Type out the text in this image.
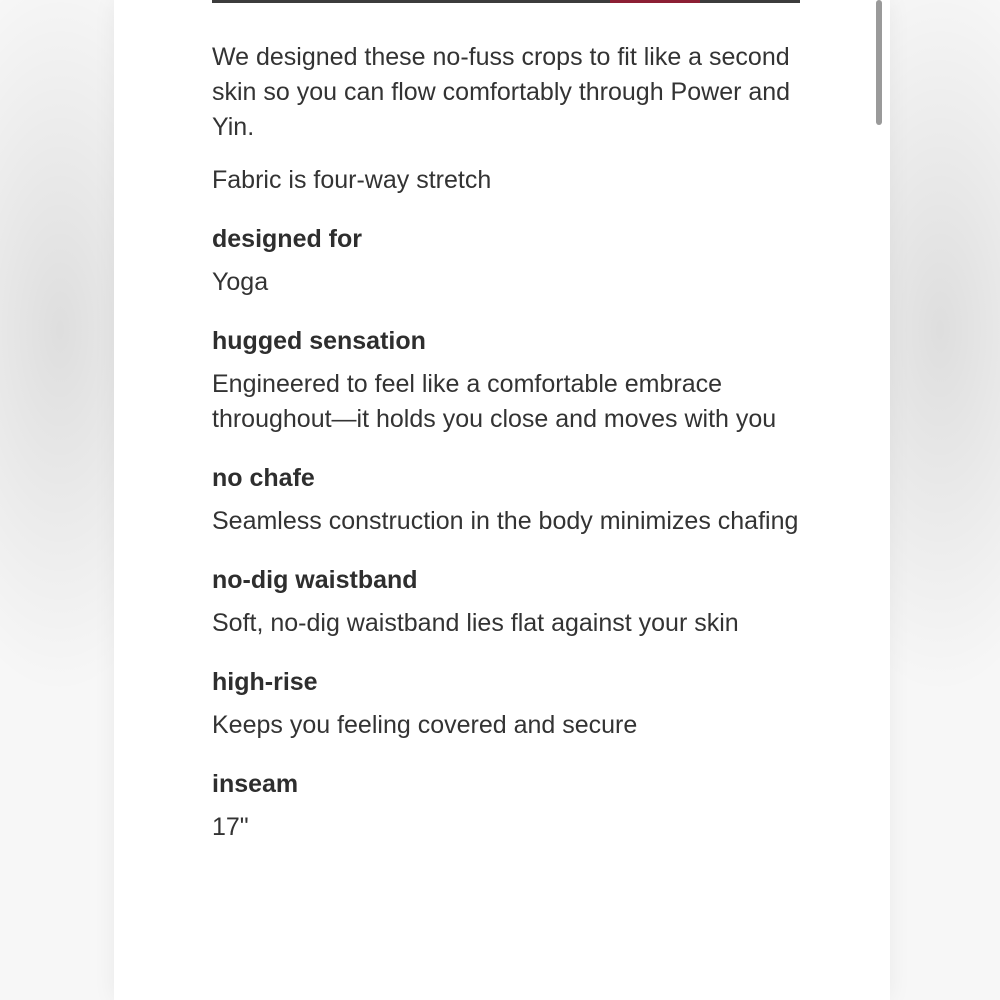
We designed these no-fuss crops to fit like a second skin so you can flow comfortably through Power and Yin.

Fabric is four-way stretch

designed for

Yoga

hugged sensation

Engineered to feel like a comfortable embrace throughout—it holds you close and moves with you

no chafe

Seamless construction in the body minimizes chafing

no-dig waistband

Soft, no-dig waistband lies flat against your skin

high-rise

Keeps you feeling covered and secure

inseam

17"
